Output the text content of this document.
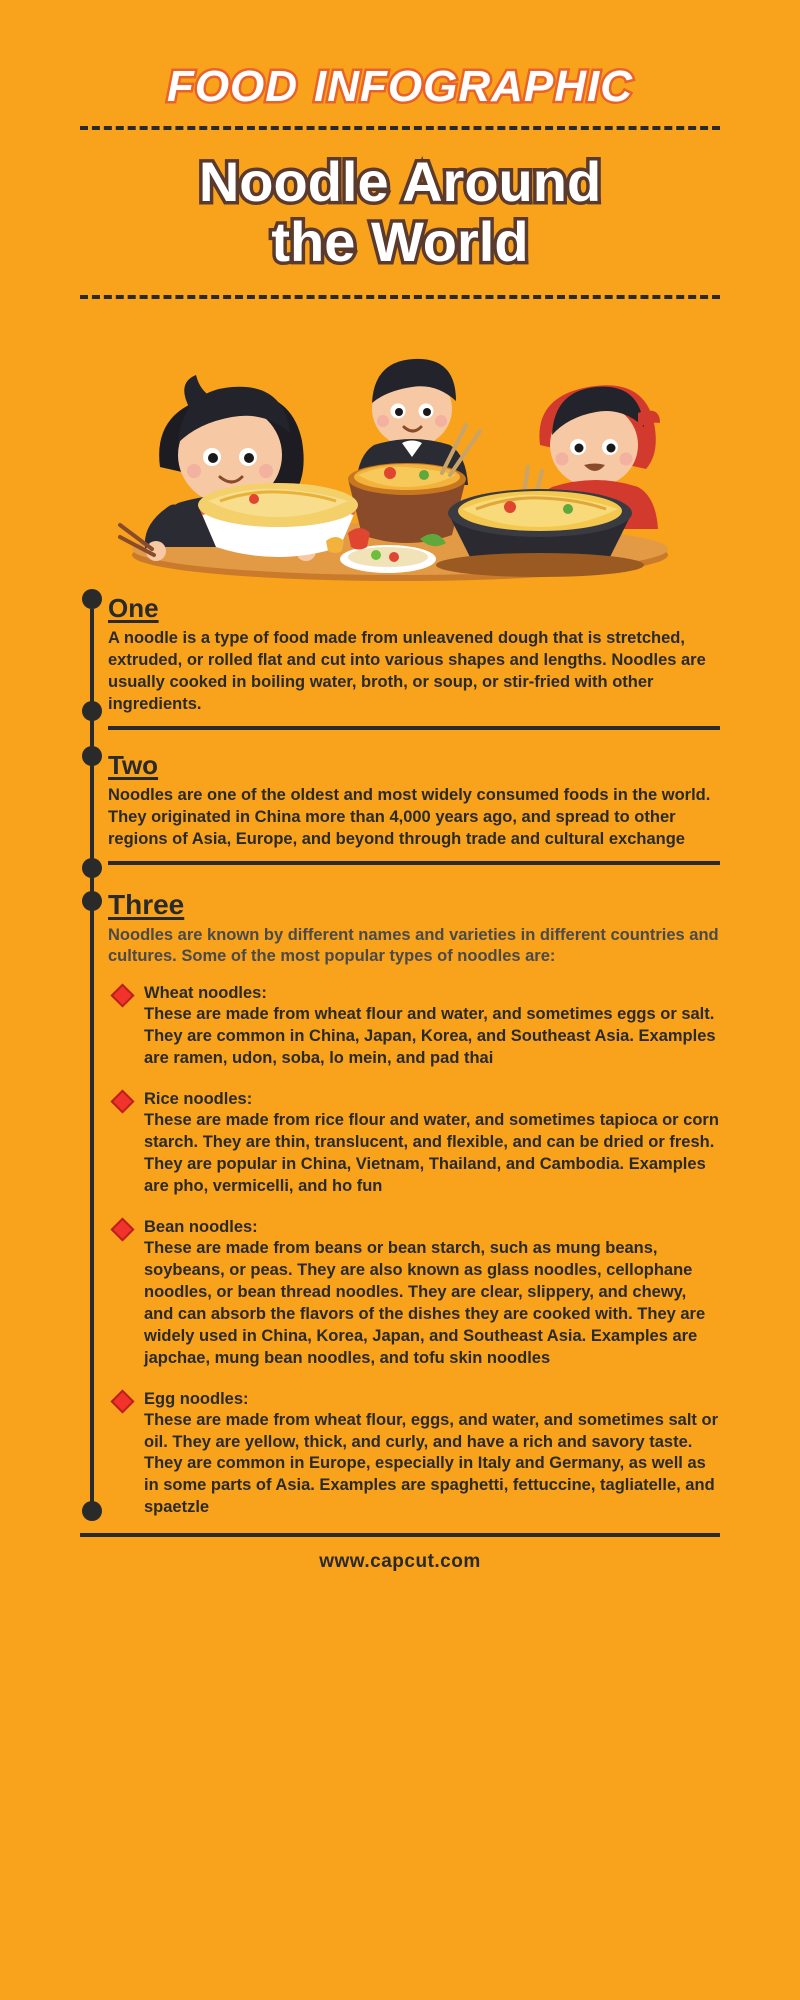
FOOD INFOGRAPHIC
Noodle Around
the World
One

A noodle is a type of food made from unleavened dough that is stretched, extruded, or rolled flat and cut into various shapes and lengths. Noodles are usually cooked in boiling water, broth, or soup, or stir-fried with other ingredients.

Two

Noodles are one of the oldest and most widely consumed foods in the world. They originated in China more than 4,000 years ago, and spread to other regions of Asia, Europe, and beyond through trade and cultural exchange

Three

Noodles are known by different names and varieties in different countries and cultures. Some of the most popular types of noodles are:

Wheat noodles:

These are made from wheat flour and water, and sometimes eggs or salt. They are common in China, Japan, Korea, and Southeast Asia. Examples are ramen, udon, soba, lo mein, and pad thai

Rice noodles:

These are made from rice flour and water, and sometimes tapioca or corn starch. They are thin, translucent, and flexible, and can be dried or fresh. They are popular in China, Vietnam, Thailand, and Cambodia. Examples are pho, vermicelli, and ho fun

Bean noodles:

These are made from beans or bean starch, such as mung beans, soybeans, or peas. They are also known as glass noodles, cellophane noodles, or bean thread noodles. They are clear, slippery, and chewy, and can absorb the flavors of the dishes they are cooked with. They are widely used in China, Korea, Japan, and Southeast Asia. Examples are japchae, mung bean noodles, and tofu skin noodles

Egg noodles:

These are made from wheat flour, eggs, and water, and sometimes salt or oil. They are yellow, thick, and curly, and have a rich and savory taste. They are common in Europe, especially in Italy and Germany, as well as in some parts of Asia. Examples are spaghetti, fettuccine, tagliatelle, and spaetzle

www.capcut.com
